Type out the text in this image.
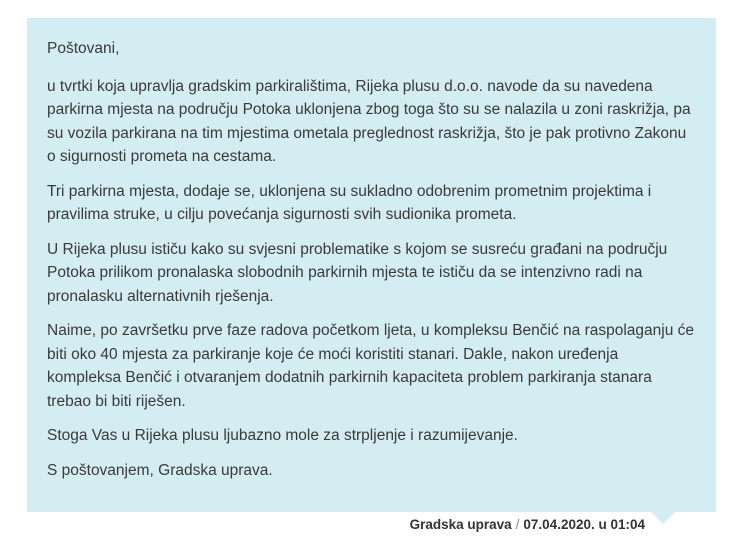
Poštovani,

u tvrtki koja upravlja gradskim parkiralištima, Rijeka plusu d.o.o. navode da su navedena parkirna mjesta na području Potoka uklonjena zbog toga što su se nalazila u zoni raskrižja, pa su vozila parkirana na tim mjestima ometala preglednost raskrižja, što je pak protivno Zakonu o sigurnosti prometa na cestama.

Tri parkirna mjesta, dodaje se, uklonjena su sukladno odobrenim prometnim projektima i pravilima struke, u cilju povećanja sigurnosti svih sudionika prometa.

U Rijeka plusu ističu kako su svjesni problematike s kojom se susreću građani na području Potoka prilikom pronalaska slobodnih parkirnih mjesta te ističu da se intenzivno radi na pronalasku alternativnih rješenja.

Naime, po završetku prve faze radova početkom ljeta, u kompleksu Benčić na raspolaganju će biti oko 40 mjesta za parkiranje koje će moći koristiti stanari. Dakle, nakon uređenja kompleksa Benčić i otvaranjem dodatnih parkirnih kapaciteta problem parkiranja stanara trebao bi biti riješen.

Stoga Vas u Rijeka plusu ljubazno mole za strpljenje i razumijevanje.

S poštovanjem, Gradska uprava.

Gradska uprava / 07.04.2020. u 01:04
